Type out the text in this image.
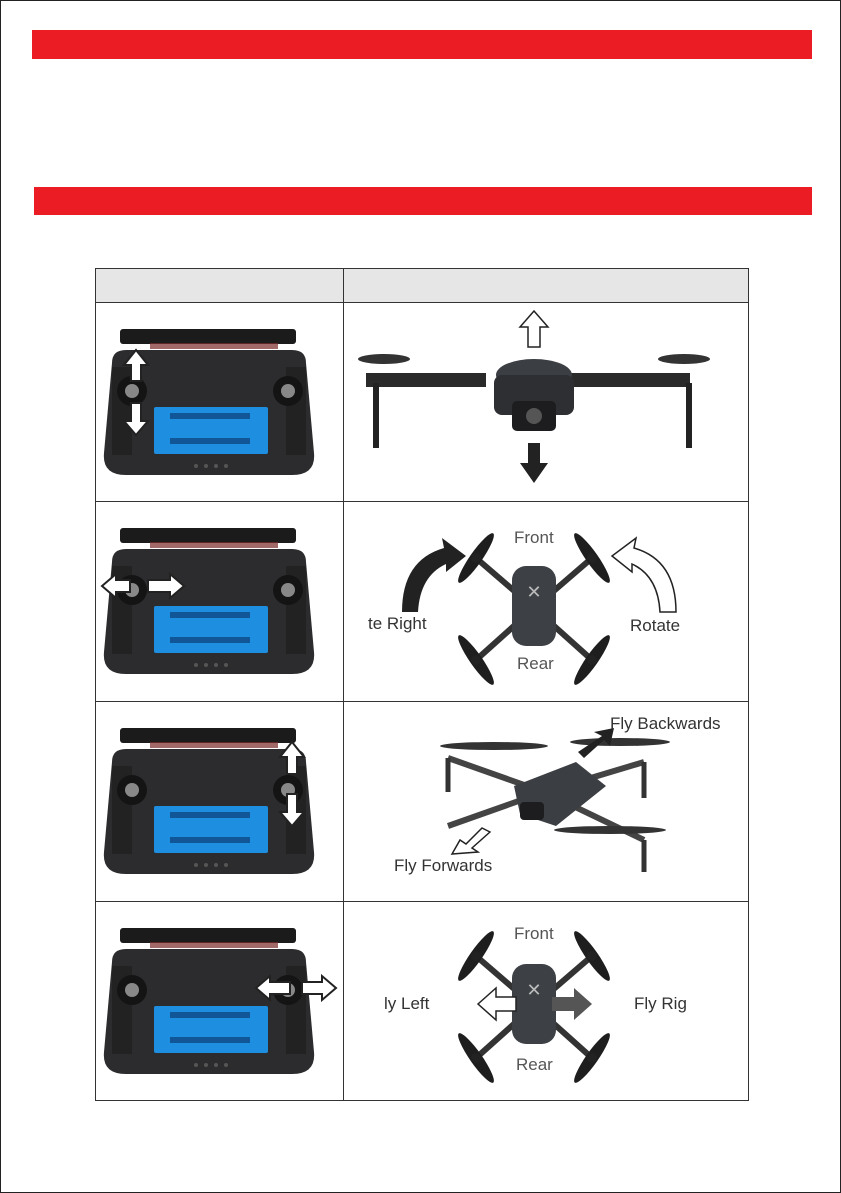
Front
te Right	Rotate
Rear
Fly Backwards
Fly Forwards
Front
ly Left	Fly Rig
Rear
